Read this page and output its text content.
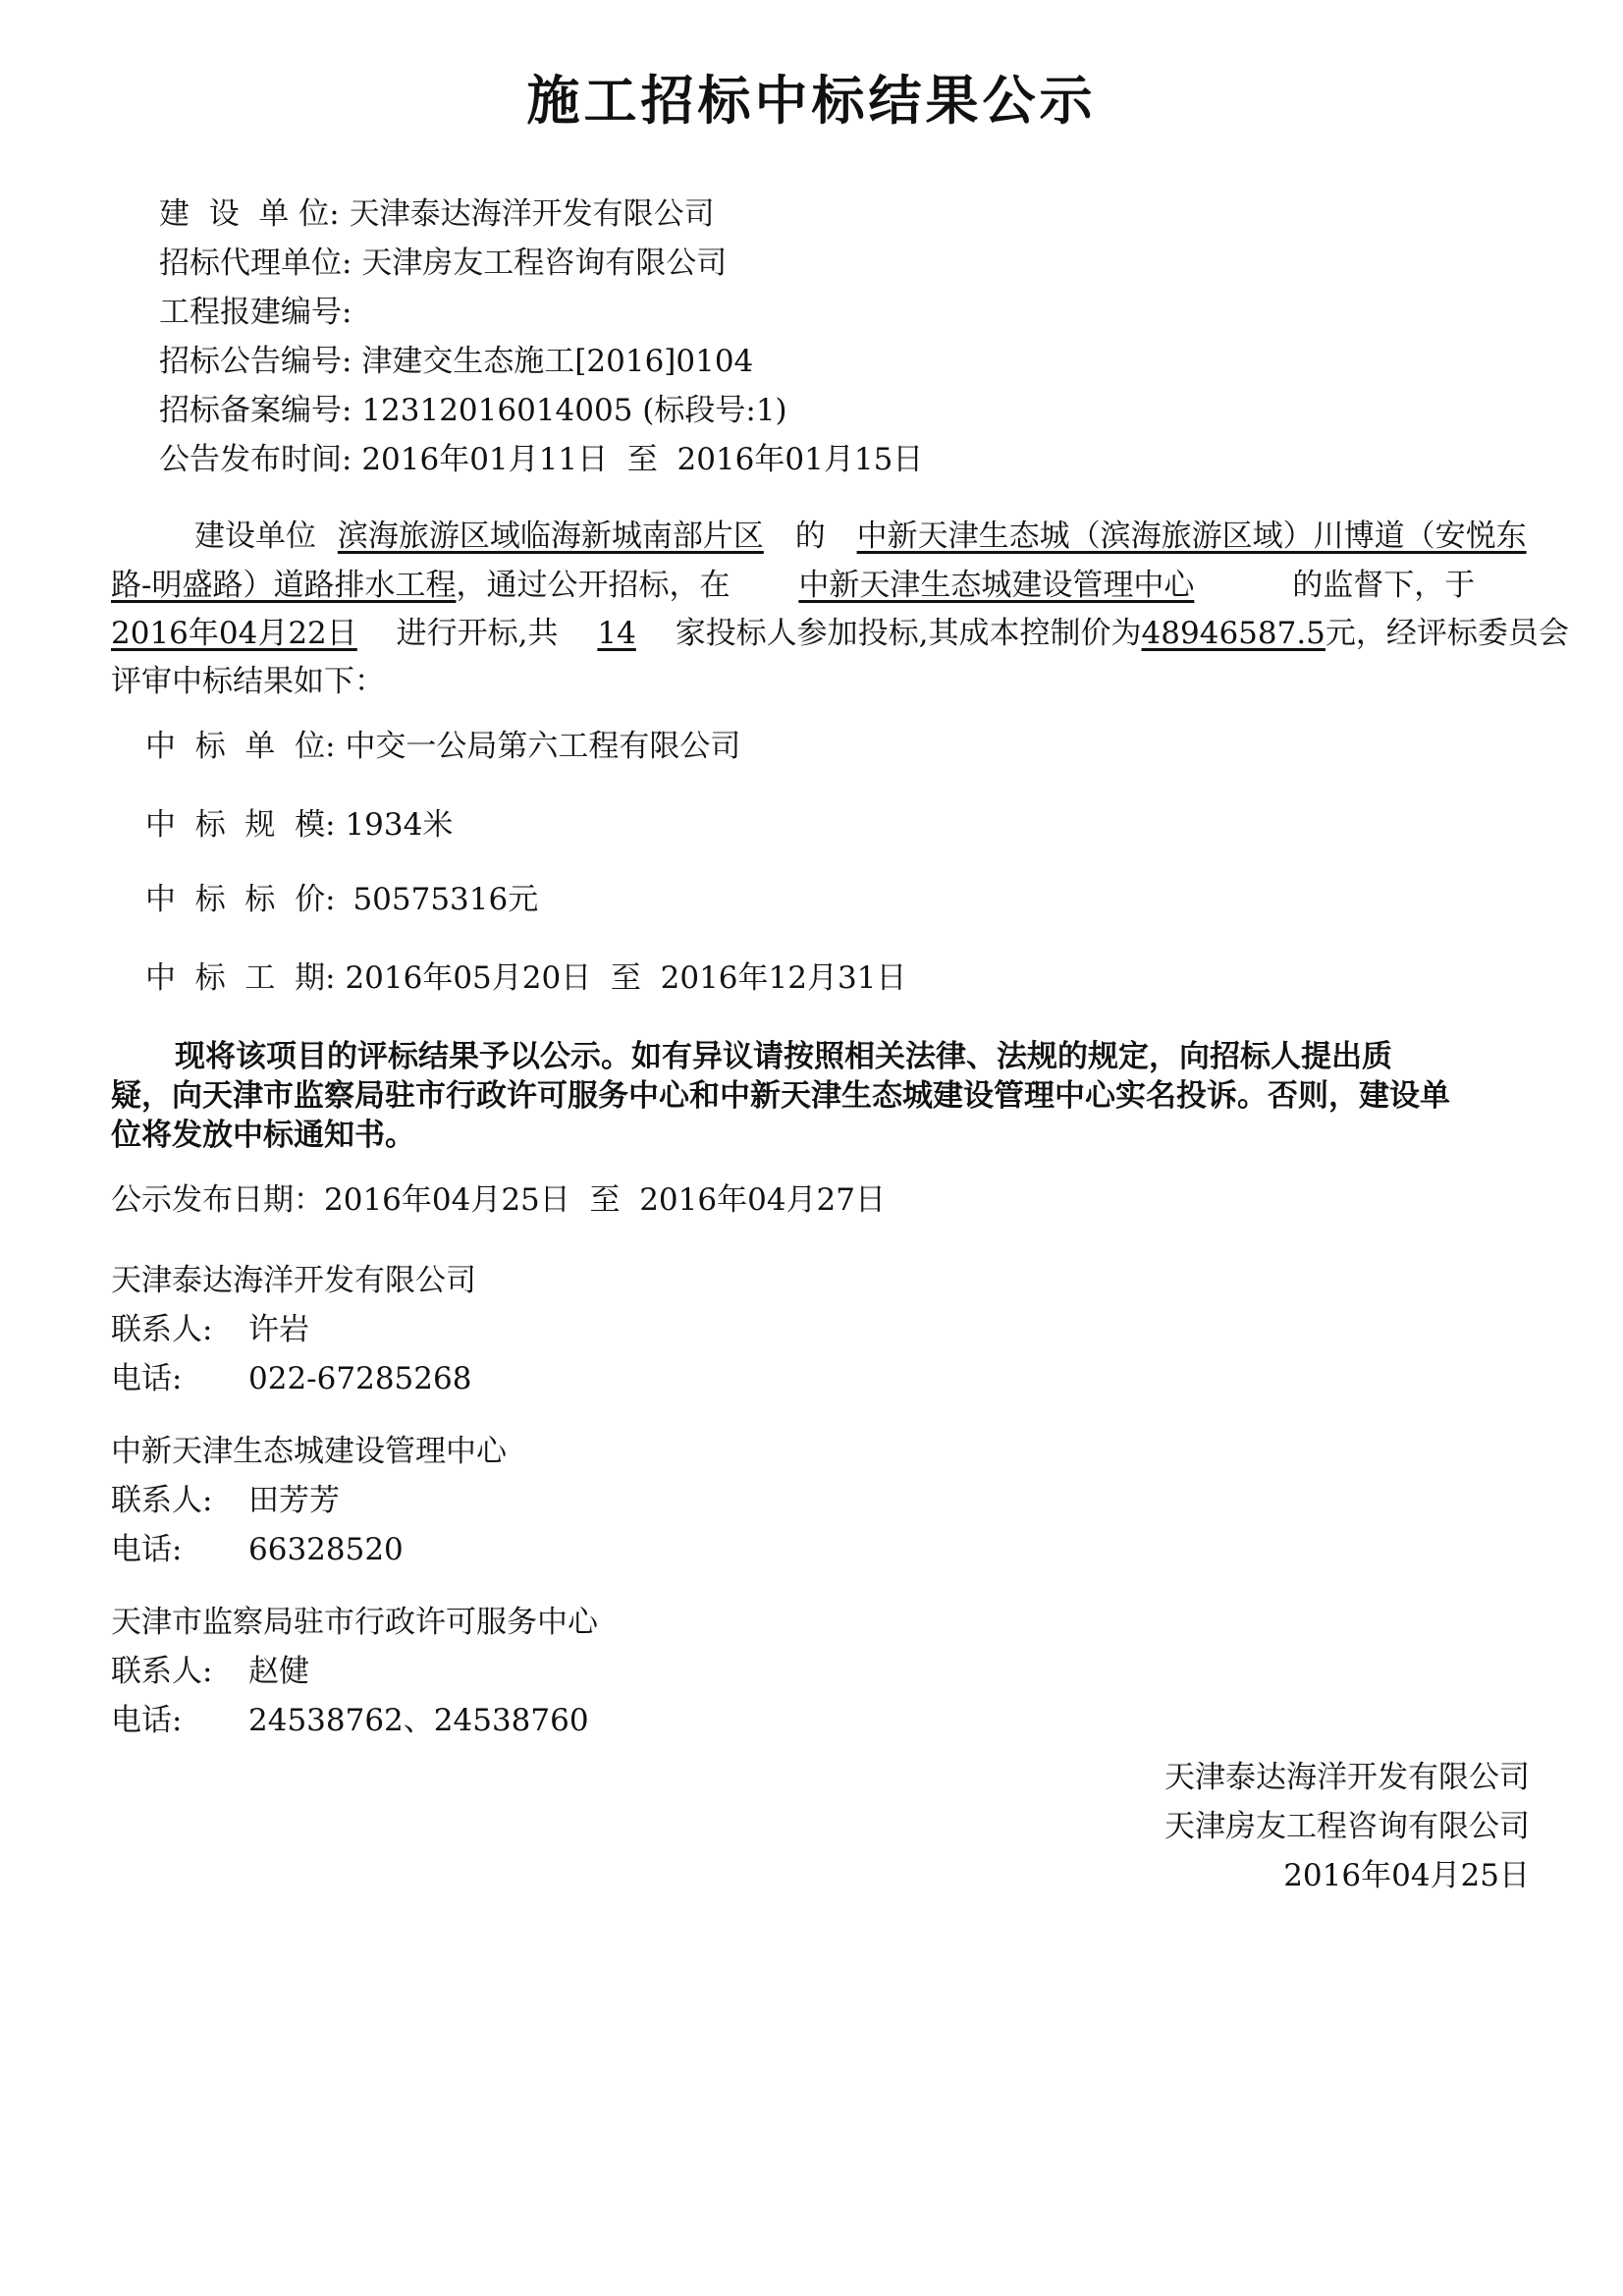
施工招标中标结果公示
建  设  单 位: 天津泰达海洋开发有限公司
招标代理单位: 天津房友工程咨询有限公司
工程报建编号:
招标公告编号: 津建交生态施工[2016]0104
招标备案编号: 12312016014005 (标段号:1)
公告发布时间: 2016年01月11日  至  2016年01月15日
建设单位 滨海旅游区域临海新城南部片区 的 中新天津生态城（滨海旅游区域）川博道（安悦东
路-明盛路）道路排水工程，通过公开招标，在 中新天津生态城建设管理中心	的监督下，于
2016年04月22日 进行开标,共 14 家投标人参加投标,其成本控制价为48946587.5元，经评标委员会
评审中标结果如下：
中  标  单  位: 中交一公局第六工程有限公司
中  标  规  模: 1934米
中  标  标  价: 50575316元
中  标  工  期: 2016年05月20日  至  2016年12月31日
现将该项目的评标结果予以公示。如有异议请按照相关法律、法规的规定，向招标人提出质
疑，向天津市监察局驻市行政许可服务中心和中新天津生态城建设管理中心实名投诉。否则，建设单
位将发放中标通知书。
公示发布日期：2016年04月25日  至  2016年04月27日
天津泰达海洋开发有限公司
联系人: 许岩
电话: 022-67285268
中新天津生态城建设管理中心
联系人: 田芳芳
电话: 66328520
天津市监察局驻市行政许可服务中心
联系人: 赵健
电话: 24538762、24538760
天津泰达海洋开发有限公司
天津房友工程咨询有限公司
2016年04月25日
